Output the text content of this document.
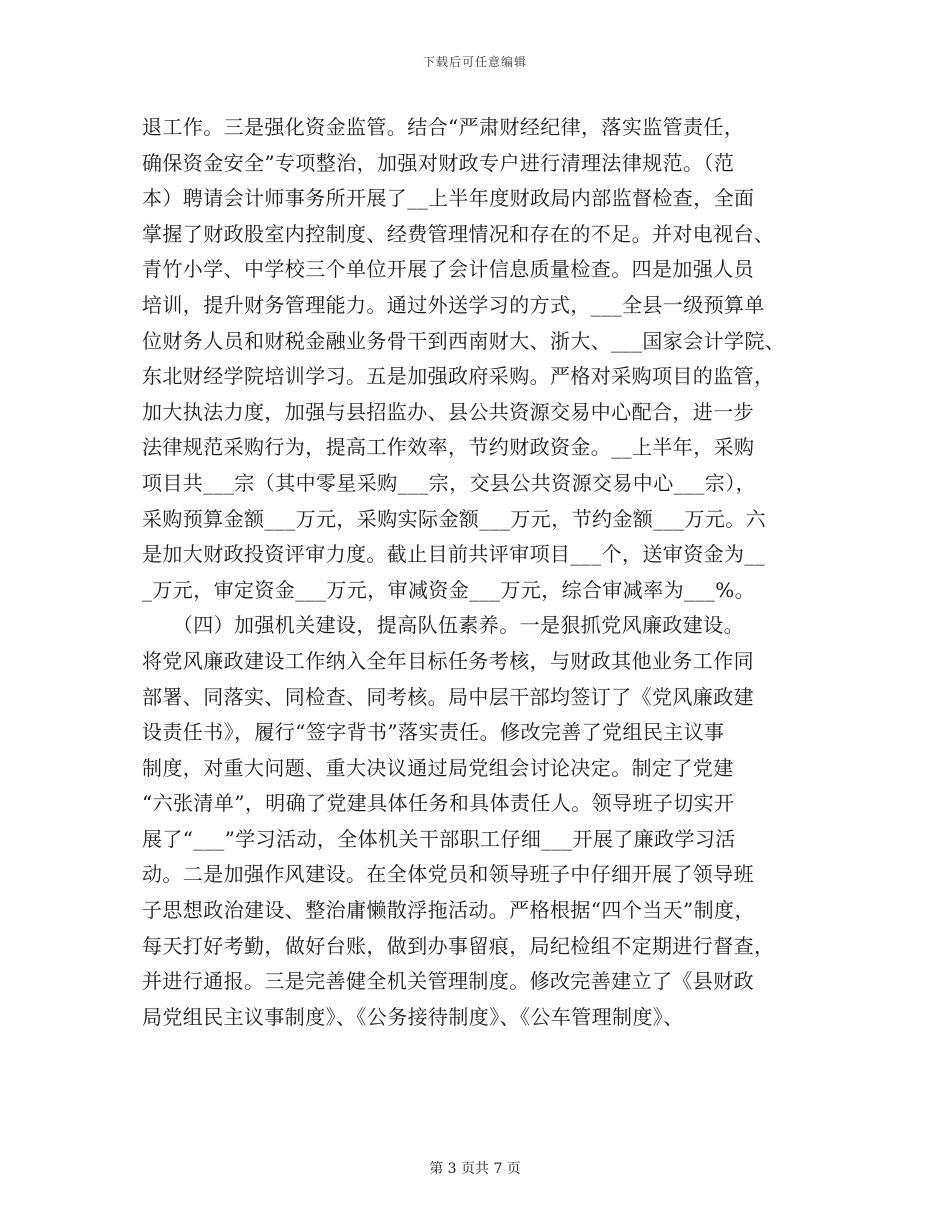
下载后可任意编辑
退工作。三是强化资金监管。结合“严肃财经纪律，落实监管责任，
确保资金安全”专项整治，加强对财政专户进行清理法律规范。（范
本）聘请会计师事务所开展了__上半年度财政局内部监督检查，全面
掌握了财政股室内控制度、经费管理情况和存在的不足。并对电视台、
青竹小学、中学校三个单位开展了会计信息质量检查。四是加强人员
培训，提升财务管理能力。通过外送学习的方式，___全县一级预算单
位财务人员和财税金融业务骨干到西南财大、浙大、___国家会计学院、
东北财经学院培训学习。五是加强政府采购。严格对采购项目的监管，
加大执法力度，加强与县招监办、县公共资源交易中心配合，进一步
法律规范采购行为，提高工作效率，节约财政资金。__上半年，采购
项目共___宗（其中零星采购___宗，交县公共资源交易中心___宗），
采购预算金额___万元，采购实际金额___万元，节约金额___万元。六
是加大财政投资评审力度。截止目前共评审项目___个，送审资金为__
_万元，审定资金___万元，审减资金___万元，综合审减率为___%。
　　（四）加强机关建设，提高队伍素养。一是狠抓党风廉政建设。
将党风廉政建设工作纳入全年目标任务考核，与财政其他业务工作同
部署、同落实、同检查、同考核。局中层干部均签订了《党风廉政建
设责任书》，履行“签字背书”落实责任。修改完善了党组民主议事
制度，对重大问题、重大决议通过局党组会讨论决定。制定了党建
“六张清单”，明确了党建具体任务和具体责任人。领导班子切实开
展了“___”学习活动，全体机关干部职工仔细___开展了廉政学习活
动。二是加强作风建设。在全体党员和领导班子中仔细开展了领导班
子思想政治建设、整治庸懒散浮拖活动。严格根据“四个当天”制度，
每天打好考勤，做好台账，做到办事留痕，局纪检组不定期进行督查，
并进行通报。三是完善健全机关管理制度。修改完善建立了《县财政
局党组民主议事制度》、《公务接待制度》、《公车管理制度》、
第 3 页共 7 页
